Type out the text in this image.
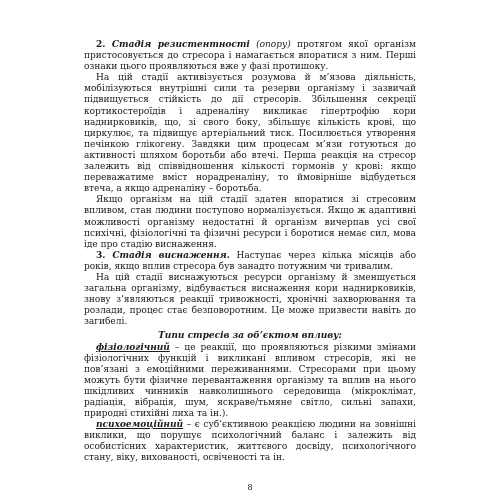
2. Стадія резистентності (опору) протягом якої організм пристосовується до стресора і намагається впоратися з ним. Перші ознаки цього проявляються вже у фазі протишоку.

На цій стадії активізується розумова й м’язова діяльність, мобілізуються внутрішні сили та резерви організму і зазвичай підвищується стійкість до дії стресорів. Збільшення секреції кортикостероїдів і адреналіну викликає гіпертрофію кори наднирковиків, що, зі свого боку, збільшує кількість крові, що циркулює, та підвищує артеріальний тиск. Посилюється утворення печінкою глікогену. Завдяки цим процесам м’язи готуються до активності шляхом боротьби або втечі. Перша реакція на стресор залежить від співвідношення кількості гормонів у крові: якщо переважатиме вміст норадреналіну, то ймовірніше відбудеться втеча, а якщо адреналіну – боротьба.

Якщо організм на цій стадії здатен впоратися зі стресовим впливом, стан людини поступово нормалізується. Якщо ж адаптивні можливості організму недостатні й організм вичерпав усі свої психічні, фізіологічні та фізичні ресурси і боротися немає сил, мова іде про стадію виснаження.

3. Стадія виснаження. Наступає через кілька місяців або років, якщо вплив стресора був занадто потужним чи тривалим.

На цій стадії виснажуються ресурси організму й зменшується загальна організму, відбувається виснаження кори наднирковиків, знову з’являються реакції тривожності, хронічні захворювання та розлади, процес стає безповоротним. Це може призвести навіть до загибелі.

Типи стресів за об’єктом впливу:

фізіологічний – це реакції, що проявляються різкими змінами фізіологічних функцій і викликані впливом стресорів, які не пов’язані з емоційними переживаннями. Стресорами при цьому можуть бути фізичне перевантаження організму та вплив на нього шкідливих чинників навколишнього середовища (мікроклімат, радіація, вібрація, шум, яскраве/тьмяне світло, сильні запахи, природні стихійні лиха та ін.).

психоемоційний – є суб’єктивною реакцією людини на зовнішні виклики, що порушує психологічний баланс і залежить від особистісних характеристик, життєвого досвіду, психологічного стану, віку, вихованості, освіченості та ін.

8
